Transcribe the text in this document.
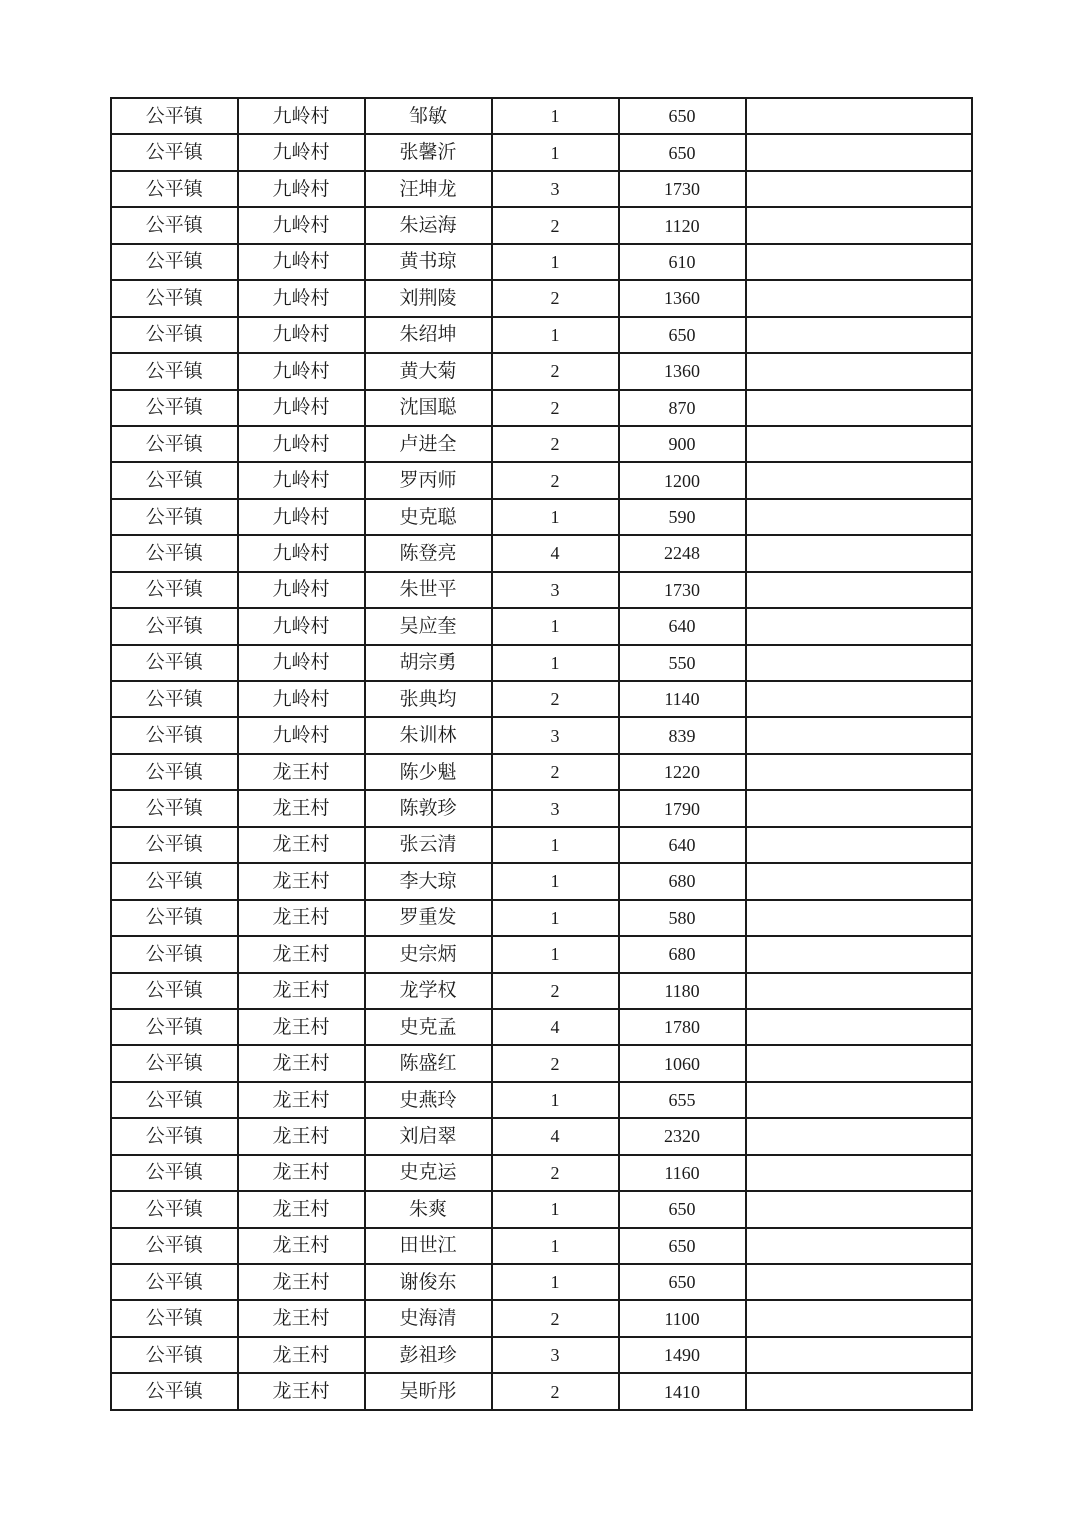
公平镇	九岭村	邹敏	1	650
公平镇	九岭村	张馨沂	1	650
公平镇	九岭村	汪坤龙	3	1730
公平镇	九岭村	朱运海	2	1120
公平镇	九岭村	黄书琼	1	610
公平镇	九岭村	刘荆陵	2	1360
公平镇	九岭村	朱绍坤	1	650
公平镇	九岭村	黄大菊	2	1360
公平镇	九岭村	沈国聪	2	870
公平镇	九岭村	卢进全	2	900
公平镇	九岭村	罗丙师	2	1200
公平镇	九岭村	史克聪	1	590
公平镇	九岭村	陈登亮	4	2248
公平镇	九岭村	朱世平	3	1730
公平镇	九岭村	吴应奎	1	640
公平镇	九岭村	胡宗勇	1	550
公平镇	九岭村	张典均	2	1140
公平镇	九岭村	朱训林	3	839
公平镇	龙王村	陈少魁	2	1220
公平镇	龙王村	陈敦珍	3	1790
公平镇	龙王村	张云清	1	640
公平镇	龙王村	李大琼	1	680
公平镇	龙王村	罗重发	1	580
公平镇	龙王村	史宗炳	1	680
公平镇	龙王村	龙学权	2	1180
公平镇	龙王村	史克孟	4	1780
公平镇	龙王村	陈盛红	2	1060
公平镇	龙王村	史燕玲	1	655
公平镇	龙王村	刘启翠	4	2320
公平镇	龙王村	史克运	2	1160
公平镇	龙王村	朱爽	1	650
公平镇	龙王村	田世江	1	650
公平镇	龙王村	谢俊东	1	650
公平镇	龙王村	史海清	2	1100
公平镇	龙王村	彭祖珍	3	1490
公平镇	龙王村	吴昕彤	2	1410
